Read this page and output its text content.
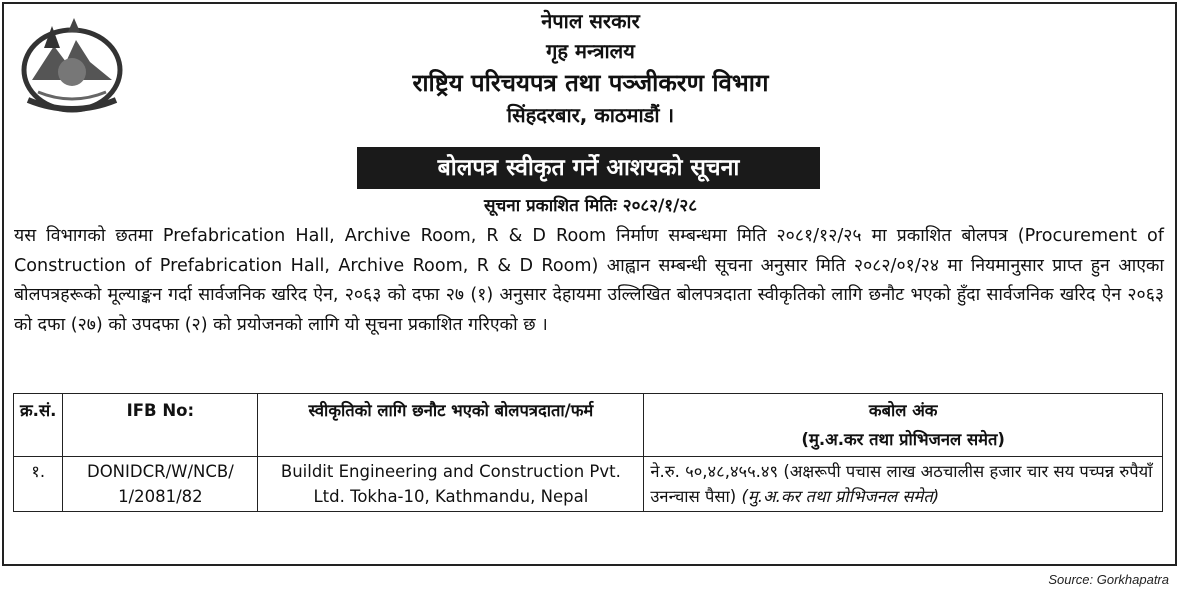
नेपाल सरकार
गृह मन्त्रालय
राष्ट्रिय परिचयपत्र तथा पञ्जीकरण विभाग
सिंहदरबार, काठमाडौं ।
बोलपत्र स्वीकृत गर्ने आशयको सूचना
सूचना प्रकाशित मितिः २०८२/१/२८
यस विभागको छतमा Prefabrication Hall, Archive Room, R & D Room निर्माण सम्बन्धमा मिति २०८१/१२/२५ मा प्रकाशित बोलपत्र (Procurement of Construction of Prefabrication Hall, Archive Room, R & D Room) आह्वान सम्बन्धी सूचना अनुसार मिति २०८२/०१/२४ मा नियमानुसार प्राप्त हुन आएका बोलपत्रहरूको मूल्याङ्कन गर्दा सार्वजनिक खरिद ऐन, २०६३ को दफा २७ (१) अनुसार देहायमा उल्लिखित बोलपत्रदाता स्वीकृतिको लागि छनौट भएको हुँदा सार्वजनिक खरिद ऐन २०६३ को दफा (२७) को उपदफा (२) को प्रयोजनको लागि यो सूचना प्रकाशित गरिएको छ ।
क्र.सं.	IFB No:	स्वीकृतिको लागि छनौट भएको बोलपत्रदाता/फर्म	कबोल अंक
(मु.अ.कर तथा प्रोभिजनल समेत)

१.	DONIDCR/W/NCB/ 1/2081/82	Buildit Engineering and Construction Pvt. Ltd. Tokha-10, Kathmandu, Nepal	ने.रु. ५०,४८,४५५.४९ (अक्षरूपी पचास लाख अठचालीस हजार चार सय पच्पन्न रुपैयाँ उनन्चास पैसा) (मु.अ.कर तथा प्रोभिजनल समेत)
Source: Gorkhapatra
